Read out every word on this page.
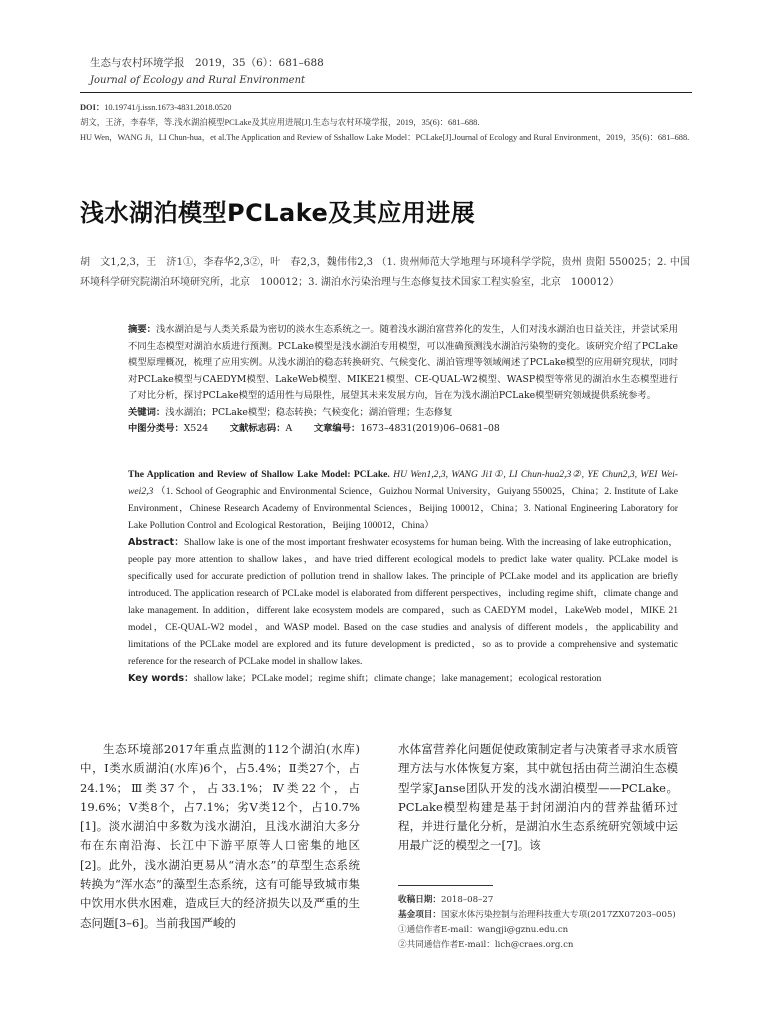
生态与农村环境学报　2019，35（6）：681–688
Journal of Ecology and Rural Environment
DOI：10.19741/j.issn.1673-4831.2018.0520
胡文，王济，李春华，等.浅水湖泊模型PCLake及其应用进展[J].生态与农村环境学报，2019，35(6)：681–688.
HU Wen，WANG Ji，LI Chun-hua，et al.The Application and Review of Sshallow Lake Model：PCLake[J].Journal of Ecology and Rural Environment，2019，35(6)：681–688.
浅水湖泊模型PCLake及其应用进展
胡　文1,2,3，王　济1①，李春华2,3②，叶　春2,3，魏伟伟2,3 （1. 贵州师范大学地理与环境科学学院，贵州 贵阳 550025；2. 中国环境科学研究院湖泊环境研究所，北京　100012；3. 湖泊水污染治理与生态修复技术国家工程实验室，北京　100012）
摘要：浅水湖泊是与人类关系最为密切的淡水生态系统之一。随着浅水湖泊富营养化的发生，人们对浅水湖泊也日益关注，并尝试采用不同生态模型对湖泊水质进行预测。PCLake模型是浅水湖泊专用模型，可以准确预测浅水湖泊污染物的变化。该研究介绍了PCLake模型原理概况，梳理了应用实例。从浅水湖泊的稳态转换研究、气候变化、湖泊管理等领域阐述了PCLake模型的应用研究现状，同时对PCLake模型与CAEDYM模型、LakeWeb模型、MIKE21模型、CE-QUAL-W2模型、WASP模型等常见的湖泊水生态模型进行了对比分析，探讨PCLake模型的适用性与局限性，展望其未来发展方向，旨在为浅水湖泊PCLake模型研究领域提供系统参考。
关键词：浅水湖泊；PCLake模型；稳态转换；气候变化；湖泊管理；生态修复
中图分类号：X524 　　 文献标志码：A 　　 文章编号：1673–4831(2019)06–0681–08
The Application and Review of Shallow Lake Model: PCLake. HU Wen1,2,3, WANG Ji1①, LI Chun-hua2,3②, YE Chun2,3, WEI Wei-wei2,3 （1. School of Geographic and Environmental Science，Guizhou Normal University，Guiyang 550025，China；2. Institute of Lake Environment，Chinese Research Academy of Environmental Sciences，Beijing 100012，China；3. National Engineering Laboratory for Lake Pollution Control and Ecological Restoration，Beijing 100012，China）
Abstract：Shallow lake is one of the most important freshwater ecosystems for human being. With the increasing of lake eutrophication，people pay more attention to shallow lakes，and have tried different ecological models to predict lake water quality. PCLake model is specifically used for accurate prediction of pollution trend in shallow lakes. The principle of PCLake model and its application are briefly introduced. The application research of PCLake model is elaborated from different perspectives，including regime shift，climate change and lake management. In addition，different lake ecosystem models are compared，such as CAEDYM model，LakeWeb model，MIKE 21 model，CE-QUAL-W2 model，and WASP model. Based on the case studies and analysis of different models，the applicability and limitations of the PCLake model are explored and its future development is predicted，so as to provide a comprehensive and systematic reference for the research of PCLake model in shallow lakes.
Key words：shallow lake；PCLake model；regime shift；climate change；lake management；ecological restoration
生态环境部2017年重点监测的112个湖泊(水库)中，Ⅰ类水质湖泊(水库)6个，占5.4%；Ⅱ类27个，占24.1%；Ⅲ类37个，占33.1%；Ⅳ类22个，占19.6%；Ⅴ类8个，占7.1%；劣Ⅴ类12个，占10.7%[1]。淡水湖泊中多数为浅水湖泊，且浅水湖泊大多分布在东南沿海、长江中下游平原等人口密集的地区[2]。此外，浅水湖泊更易从“清水态”的草型生态系统转换为“浑水态”的藻型生态系统，这有可能导致城市集中饮用水供水困难，造成巨大的经济损失以及严重的生态问题[3–6]。当前我国严峻的
水体富营养化问题促使政策制定者与决策者寻求水质管理方法与水体恢复方案，其中就包括由荷兰湖泊生态模型学家Janse团队开发的浅水湖泊模型——PCLake。PCLake模型构建是基于封闭湖泊内的营养盐循环过程，并进行量化分析，是湖泊水生态系统研究领域中运用最广泛的模型之一[7]。该
收稿日期：2018–08–27
基金项目：国家水体污染控制与治理科技重大专项(2017ZX07203–005)
①通信作者E-mail：wangji@gznu.edu.cn
②共同通信作者E-mail：lich@craes.org.cn
